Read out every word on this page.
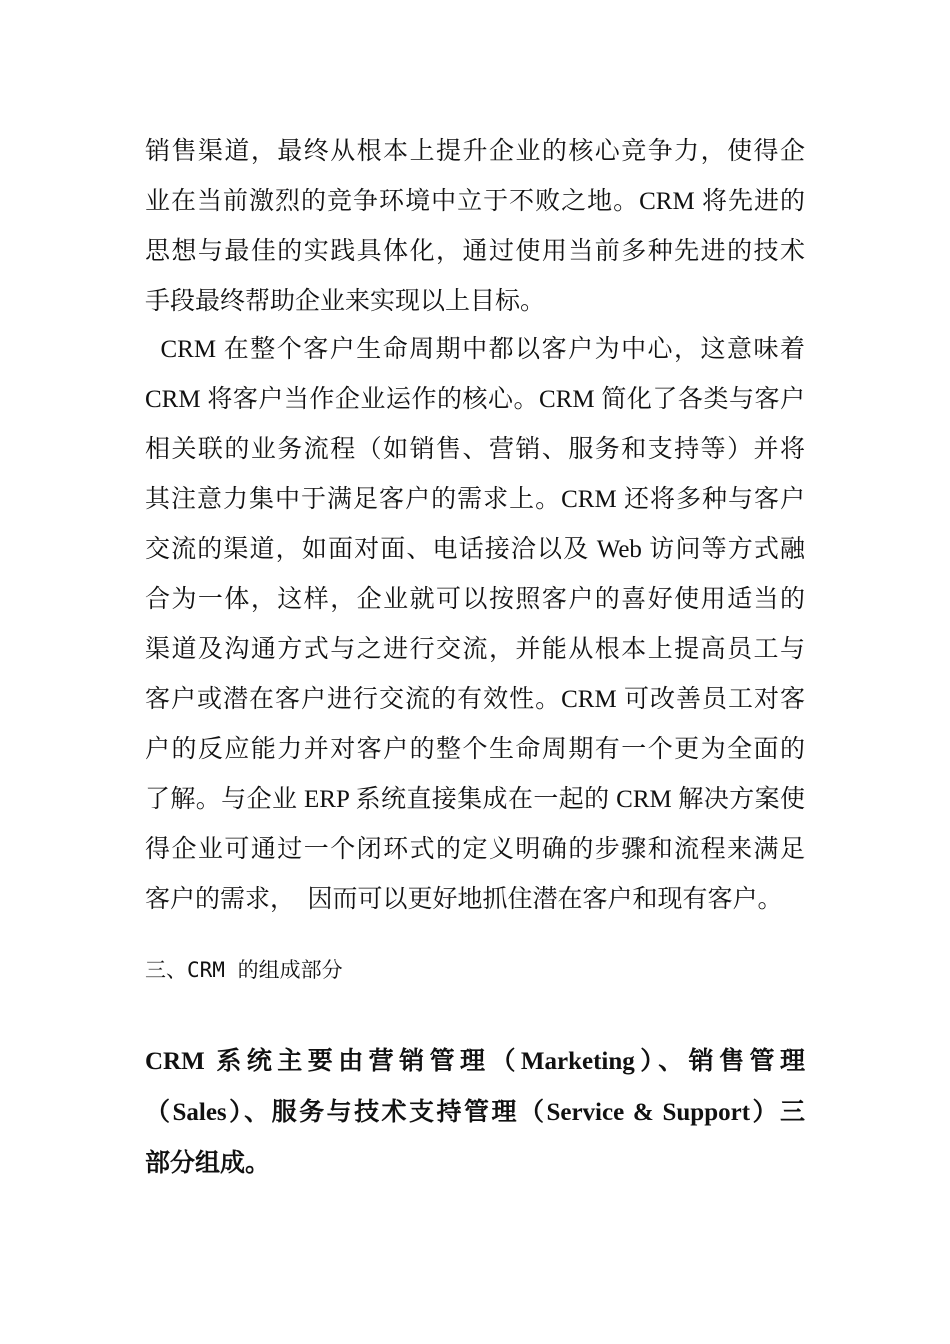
销售渠道，最终从根本上提升企业的核心竞争力，使得企
业在当前激烈的竞争环境中立于不败之地。CRM 将先进的
思想与最佳的实践具体化，通过使用当前多种先进的技术
手段最终帮助企业来实现以上目标。
CRM 在整个客户生命周期中都以客户为中心，这意味着
CRM 将客户当作企业运作的核心。CRM 简化了各类与客户
相关联的业务流程（如销售、营销、服务和支持等）并将
其注意力集中于满足客户的需求上。CRM 还将多种与客户
交流的渠道，如面对面、电话接洽以及 Web 访问等方式融
合为一体，这样，企业就可以按照客户的喜好使用适当的
渠道及沟通方式与之进行交流，并能从根本上提高员工与
客户或潜在客户进行交流的有效性。CRM 可改善员工对客
户的反应能力并对客户的整个生命周期有一个更为全面的
了解。与企业 ERP 系统直接集成在一起的 CRM 解决方案使
得企业可通过一个闭环式的定义明确的步骤和流程来满足
客户的需求，  因而可以更好地抓住潜在客户和现有客户。
三、CRM 的组成部分
CRM 系统主要由营销管理（Marketing）、销售管理
（Sales）、服务与技术支持管理（Service & Support）三
部分组成。
